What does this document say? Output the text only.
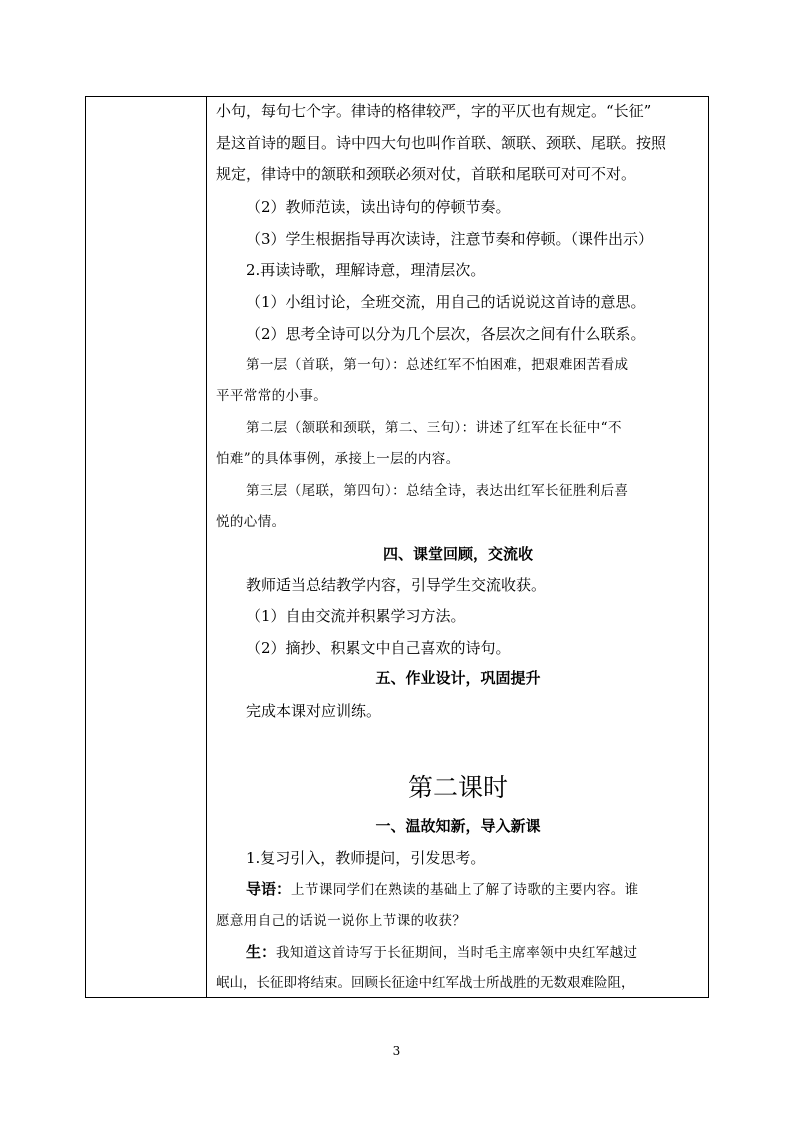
小句，每句七个字。律诗的格律较严，字的平仄也有规定。“长征”
是这首诗的题目。诗中四大句也叫作首联、颔联、颈联、尾联。按照
规定，律诗中的颔联和颈联必须对仗，首联和尾联可对可不对。
（2）教师范读，读出诗句的停顿节奏。
（3）学生根据指导再次读诗，注意节奏和停顿。（课件出示）
2.再读诗歌，理解诗意，理清层次。
（1）小组讨论，全班交流，用自己的话说说这首诗的意思。
（2）思考全诗可以分为几个层次，各层次之间有什么联系。
第一层（首联，第一句）：总述红军不怕困难，把艰难困苦看成
平平常常的小事。
第二层（颔联和颈联，第二、三句）：讲述了红军在长征中“不
怕难”的具体事例，承接上一层的内容。
第三层（尾联，第四句）：总结全诗，表达出红军长征胜利后喜
悦的心情。
四、课堂回顾，交流收
教师适当总结教学内容，引导学生交流收获。
（1）自由交流并积累学习方法。
（2）摘抄、积累文中自己喜欢的诗句。
五、作业设计，巩固提升
完成本课对应训练。
第二课时
一、温故知新，导入新课
1.复习引入，教师提问，引发思考。
导语：上节课同学们在熟读的基础上了解了诗歌的主要内容。谁
愿意用自己的话说一说你上节课的收获？
生：我知道这首诗写于长征期间，当时毛主席率领中央红军越过
岷山，长征即将结束。回顾长征途中红军战士所战胜的无数艰难险阻，
3
